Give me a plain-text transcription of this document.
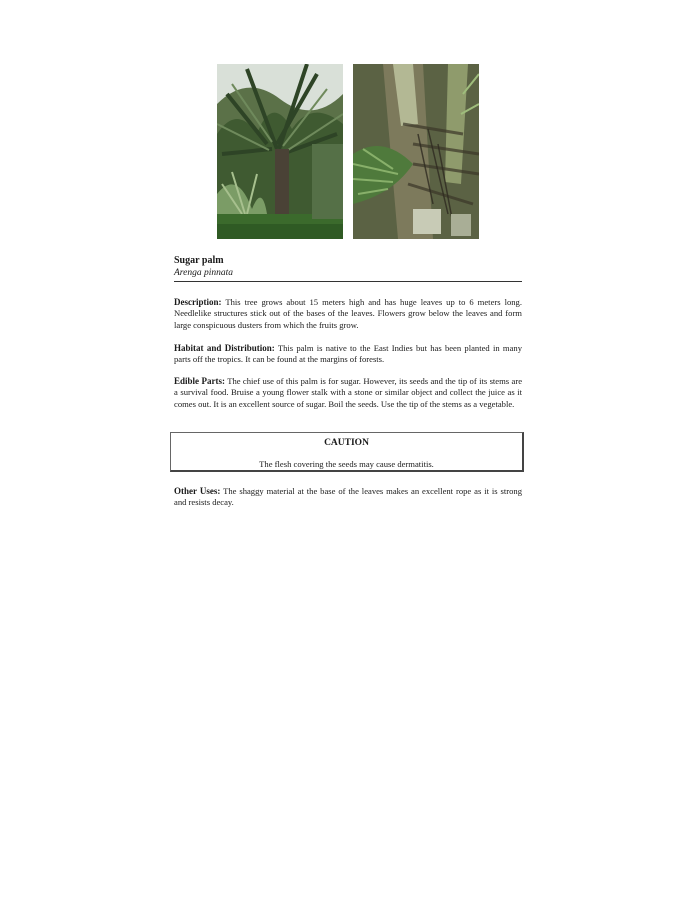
Sugar palm
Arenga pinnata
Description: This tree grows about 15 meters high and has huge leaves up to 6 meters long. Needlelike structures stick out of the bases of the leaves. Flowers grow below the leaves and form large conspicuous dusters from which the fruits grow.
Habitat and Distribution: This palm is native to the East Indies but has been planted in many parts off the tropics. It can be found at the margins of forests.
Edible Parts: The chief use of this palm is for sugar. However, its seeds and the tip of its stems are a survival food. Bruise a young flower stalk with a stone or similar object and collect the juice as it comes out. It is an excellent source of sugar. Boil the seeds. Use the tip of the stems as a vegetable.
CAUTION
The flesh covering the seeds may cause dermatitis.
Other Uses: The shaggy material at the base of the leaves makes an excellent rope as it is strong and resists decay.
